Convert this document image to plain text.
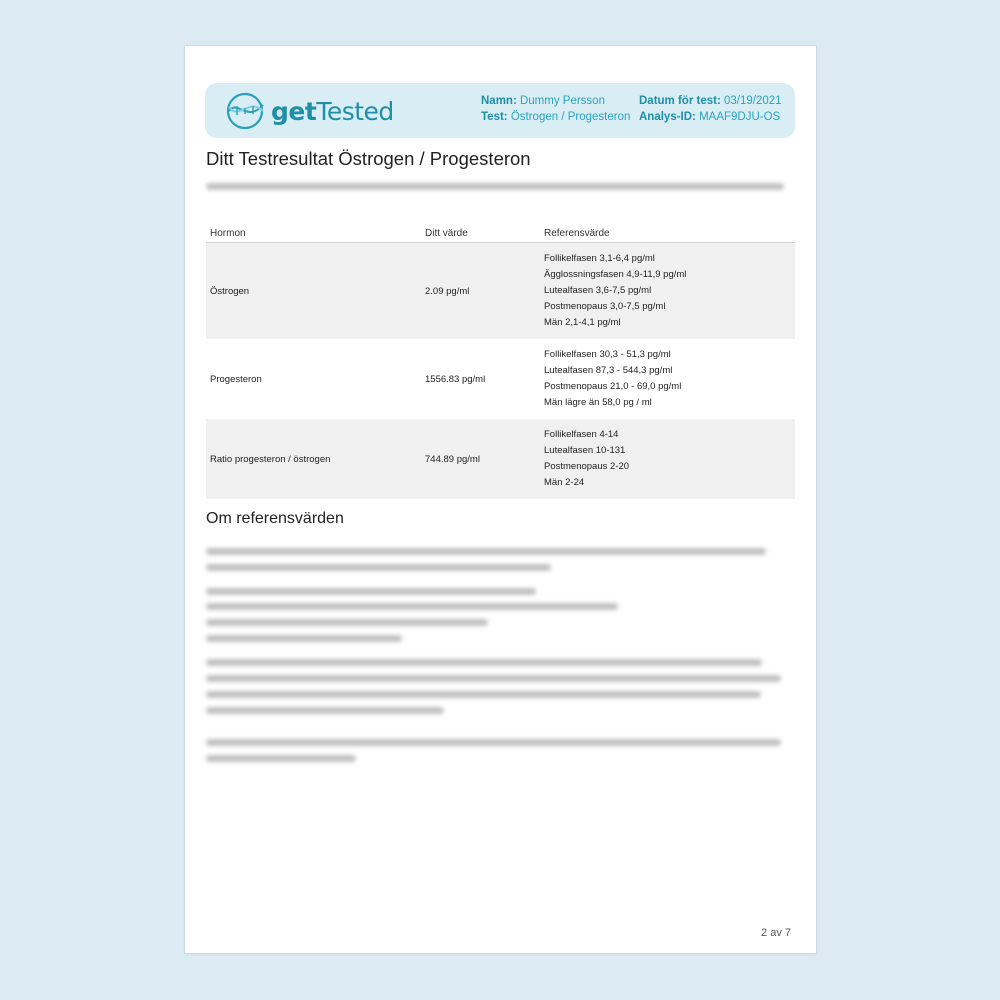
getTested	Namn: Dummy Persson
Test: Östrogen / Progesteron
Datum för test: 03/19/2021
Analys-ID: MAAF9DJU-OS
Ditt Testresultat Östrogen / Progesteron
Hormon	Ditt värde	Referensvärde
Östrogen	2.09 pg/ml	Follikelfasen 3,1-6,4 pg/ml
Ägglossningsfasen 4,9-11,9 pg/ml
Lutealfasen 3,6-7,5 pg/ml
Postmenopaus 3,0-7,5 pg/ml
Män 2,1-4,1 pg/ml

Progesteron	1556.83 pg/ml	Follikelfasen 30,3 - 51,3 pg/ml
Lutealfasen 87,3 - 544,3 pg/ml
Postmenopaus 21,0 - 69,0 pg/ml
Män lägre än 58,0 pg / ml

Ratio progesteron / östrogen	744.89 pg/ml	Follikelfasen 4-14
Lutealfasen 10-131
Postmenopaus 2-20
Män 2-24
Om referensvärden
2 av 7
